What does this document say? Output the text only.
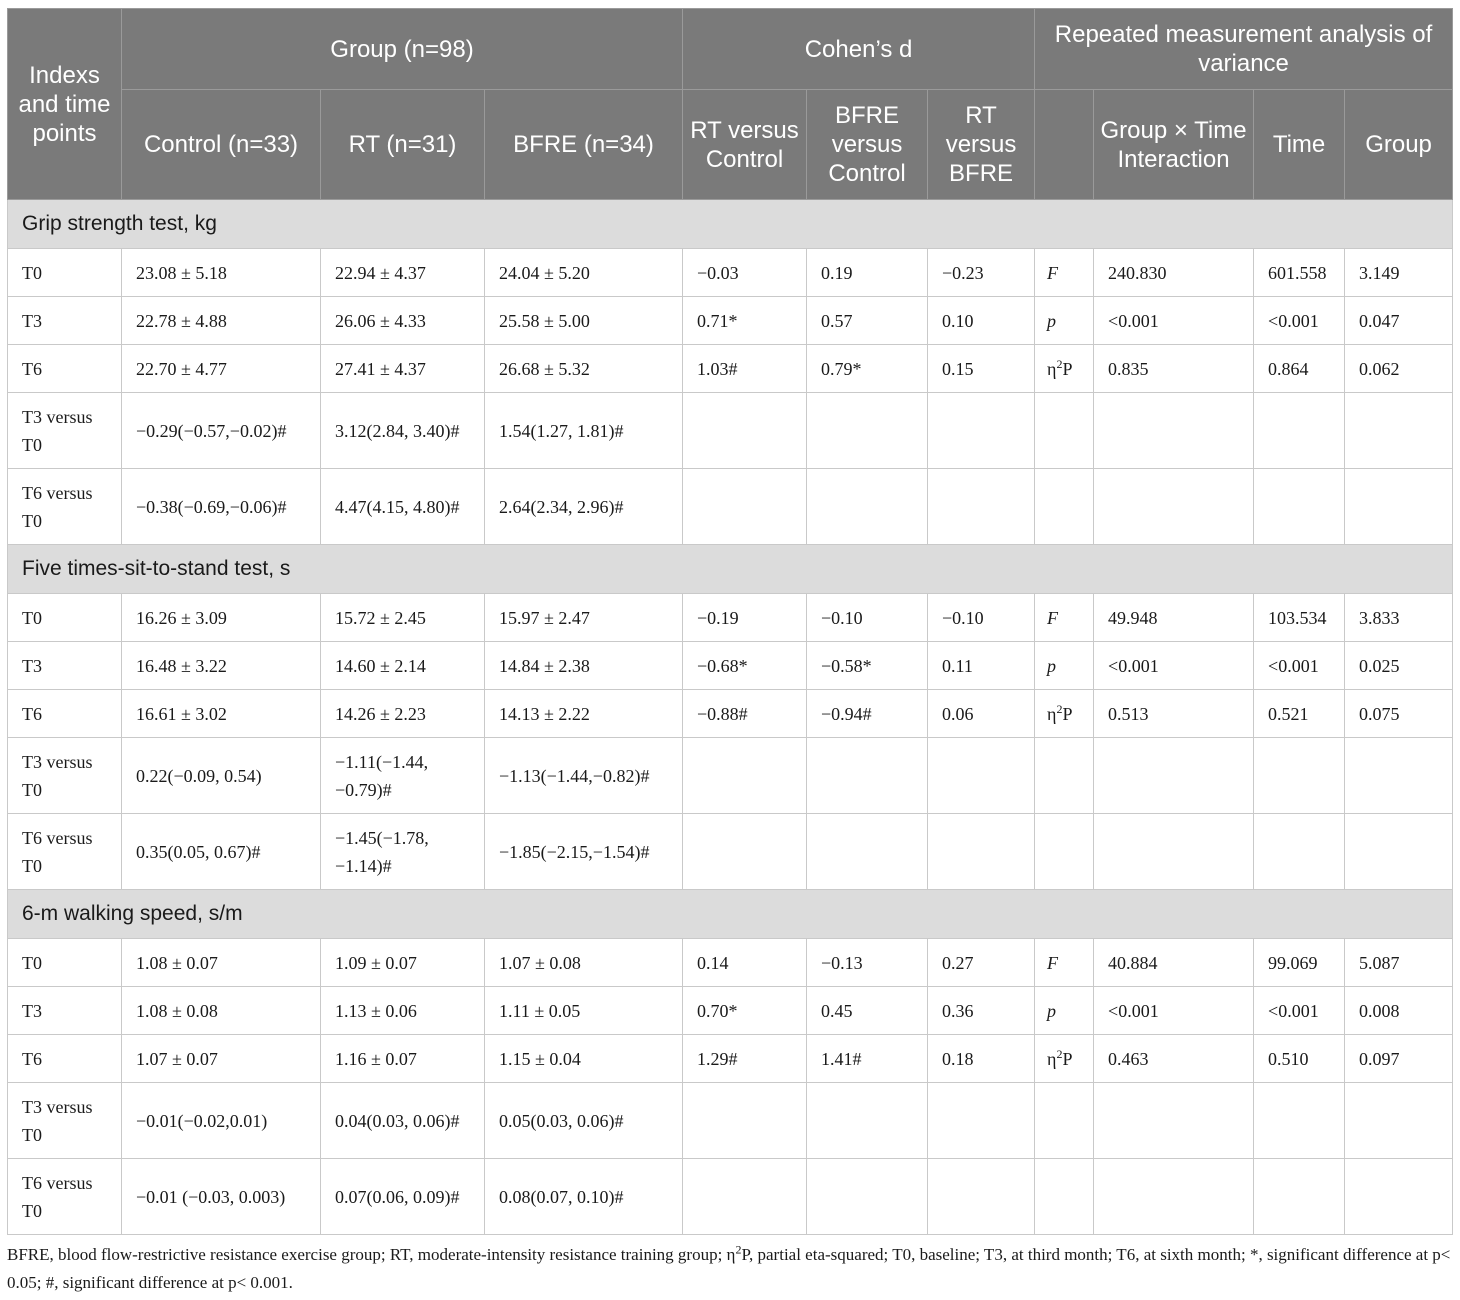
Indexs and time points	Group (n=98)			Cohen’s d			Repeated measurement analysis of variance			
	Control (n=33)	RT (n=31)	BFRE (n=34)	RT versus Control	BFRE versus Control	RT versus BFRE		Group × Time Interaction	Time	Group
Grip strength test, kg										
T0	23.08 ± 5.18	22.94 ± 4.37	24.04 ± 5.20	−0.03	0.19	−0.23	F	240.830	601.558	3.149
T3	22.78 ± 4.88	26.06 ± 4.33	25.58 ± 5.00	0.71*	0.57	0.10	p	<0.001	<0.001	0.047
T6	22.70 ± 4.77	27.41 ± 4.37	26.68 ± 5.32	1.03#	0.79*	0.15	$\eta^2P$	0.835	0.864	0.062
T3 versus T0	−0.29(−0.57,−0.02)#	3.12(2.84, 3.40)#	1.54(1.27, 1.81)#							
T6 versus T0	−0.38(−0.69,−0.06)#	4.47(4.15, 4.80)#	2.64(2.34, 2.96)#							
Five times-sit-to-stand test, s										
T0	16.26 ± 3.09	15.72 ± 2.45	15.97 ± 2.47	−0.19	−0.10	−0.10	F	49.948	103.534	3.833
T3	16.48 ± 3.22	14.60 ± 2.14	14.84 ± 2.38	−0.68*	−0.58*	0.11	p	<0.001	<0.001	0.025
T6	16.61 ± 3.02	14.26 ± 2.23	14.13 ± 2.22	−0.88#	−0.94#	0.06	$\eta^2P$	0.513	0.521	0.075
T3 versus T0	0.22(−0.09, 0.54)	−1.11(−1.44, −0.79)#	−1.13(−1.44,−0.82)#							
T6 versus T0	0.35(0.05, 0.67)#	−1.45(−1.78, −1.14)#	−1.85(−2.15,−1.54)#							
6-m walking speed, s/m										
T0	1.08 ± 0.07	1.09 ± 0.07	1.07 ± 0.08	0.14	−0.13	0.27	F	40.884	99.069	5.087
T3	1.08 ± 0.08	1.13 ± 0.06	1.11 ± 0.05	0.70*	0.45	0.36	p	<0.001	<0.001	0.008
T6	1.07 ± 0.07	1.16 ± 0.07	1.15 ± 0.04	1.29#	1.41#	0.18	$\eta^2P$	0.463	0.510	0.097
T3 versus T0	−0.01(−0.02,0.01)	0.04(0.03, 0.06)#	0.05(0.03, 0.06)#							
T6 versus T0	−0.01 (−0.03, 0.003)	0.07(0.06, 0.09)#	0.08(0.07, 0.10)#							
BFRE, blood flow-restrictive resistance exercise group; RT, moderate-intensity resistance training group; $\eta^2P$, partial eta-squared; T0, baseline; T3, at third month; T6, at sixth month; *, significant difference at p< 0.05; #, significant difference at p< 0.001.
